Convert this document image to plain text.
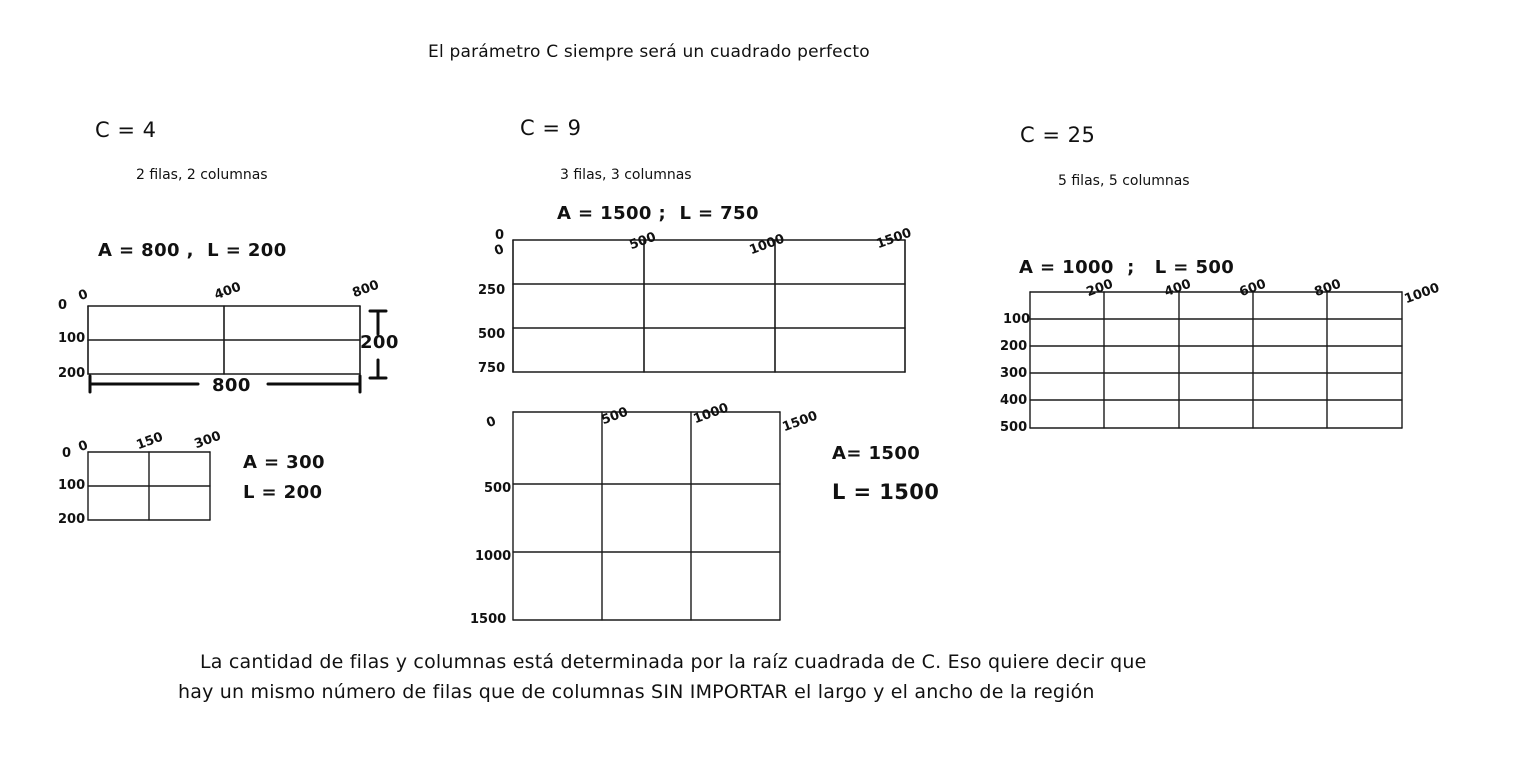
El parámetro C siempre será un cuadrado perfecto
C = 4
2 filas, 2 columnas
A = 800 ,  L = 200
0	400	800
0
100
200
800
200
0	150 300
0
100
200
A = 300
L = 200
C = 9
3 filas, 3 columnas
A = 1500 ;  L = 750
0	500	1000	1500
0
250
500
750
0	500	1000	1500
500
1000
1500
A= 1500
L = 1500
C = 25
5 filas, 5 columnas
A = 1000  ;   L = 500
200	400	600	800	1000
100
200
300
400
500
La cantidad de filas y columnas está determinada por la raíz cuadrada de C. Eso quiere decir que
hay un mismo número de filas que de columnas SIN IMPORTAR el largo y el ancho de la región
